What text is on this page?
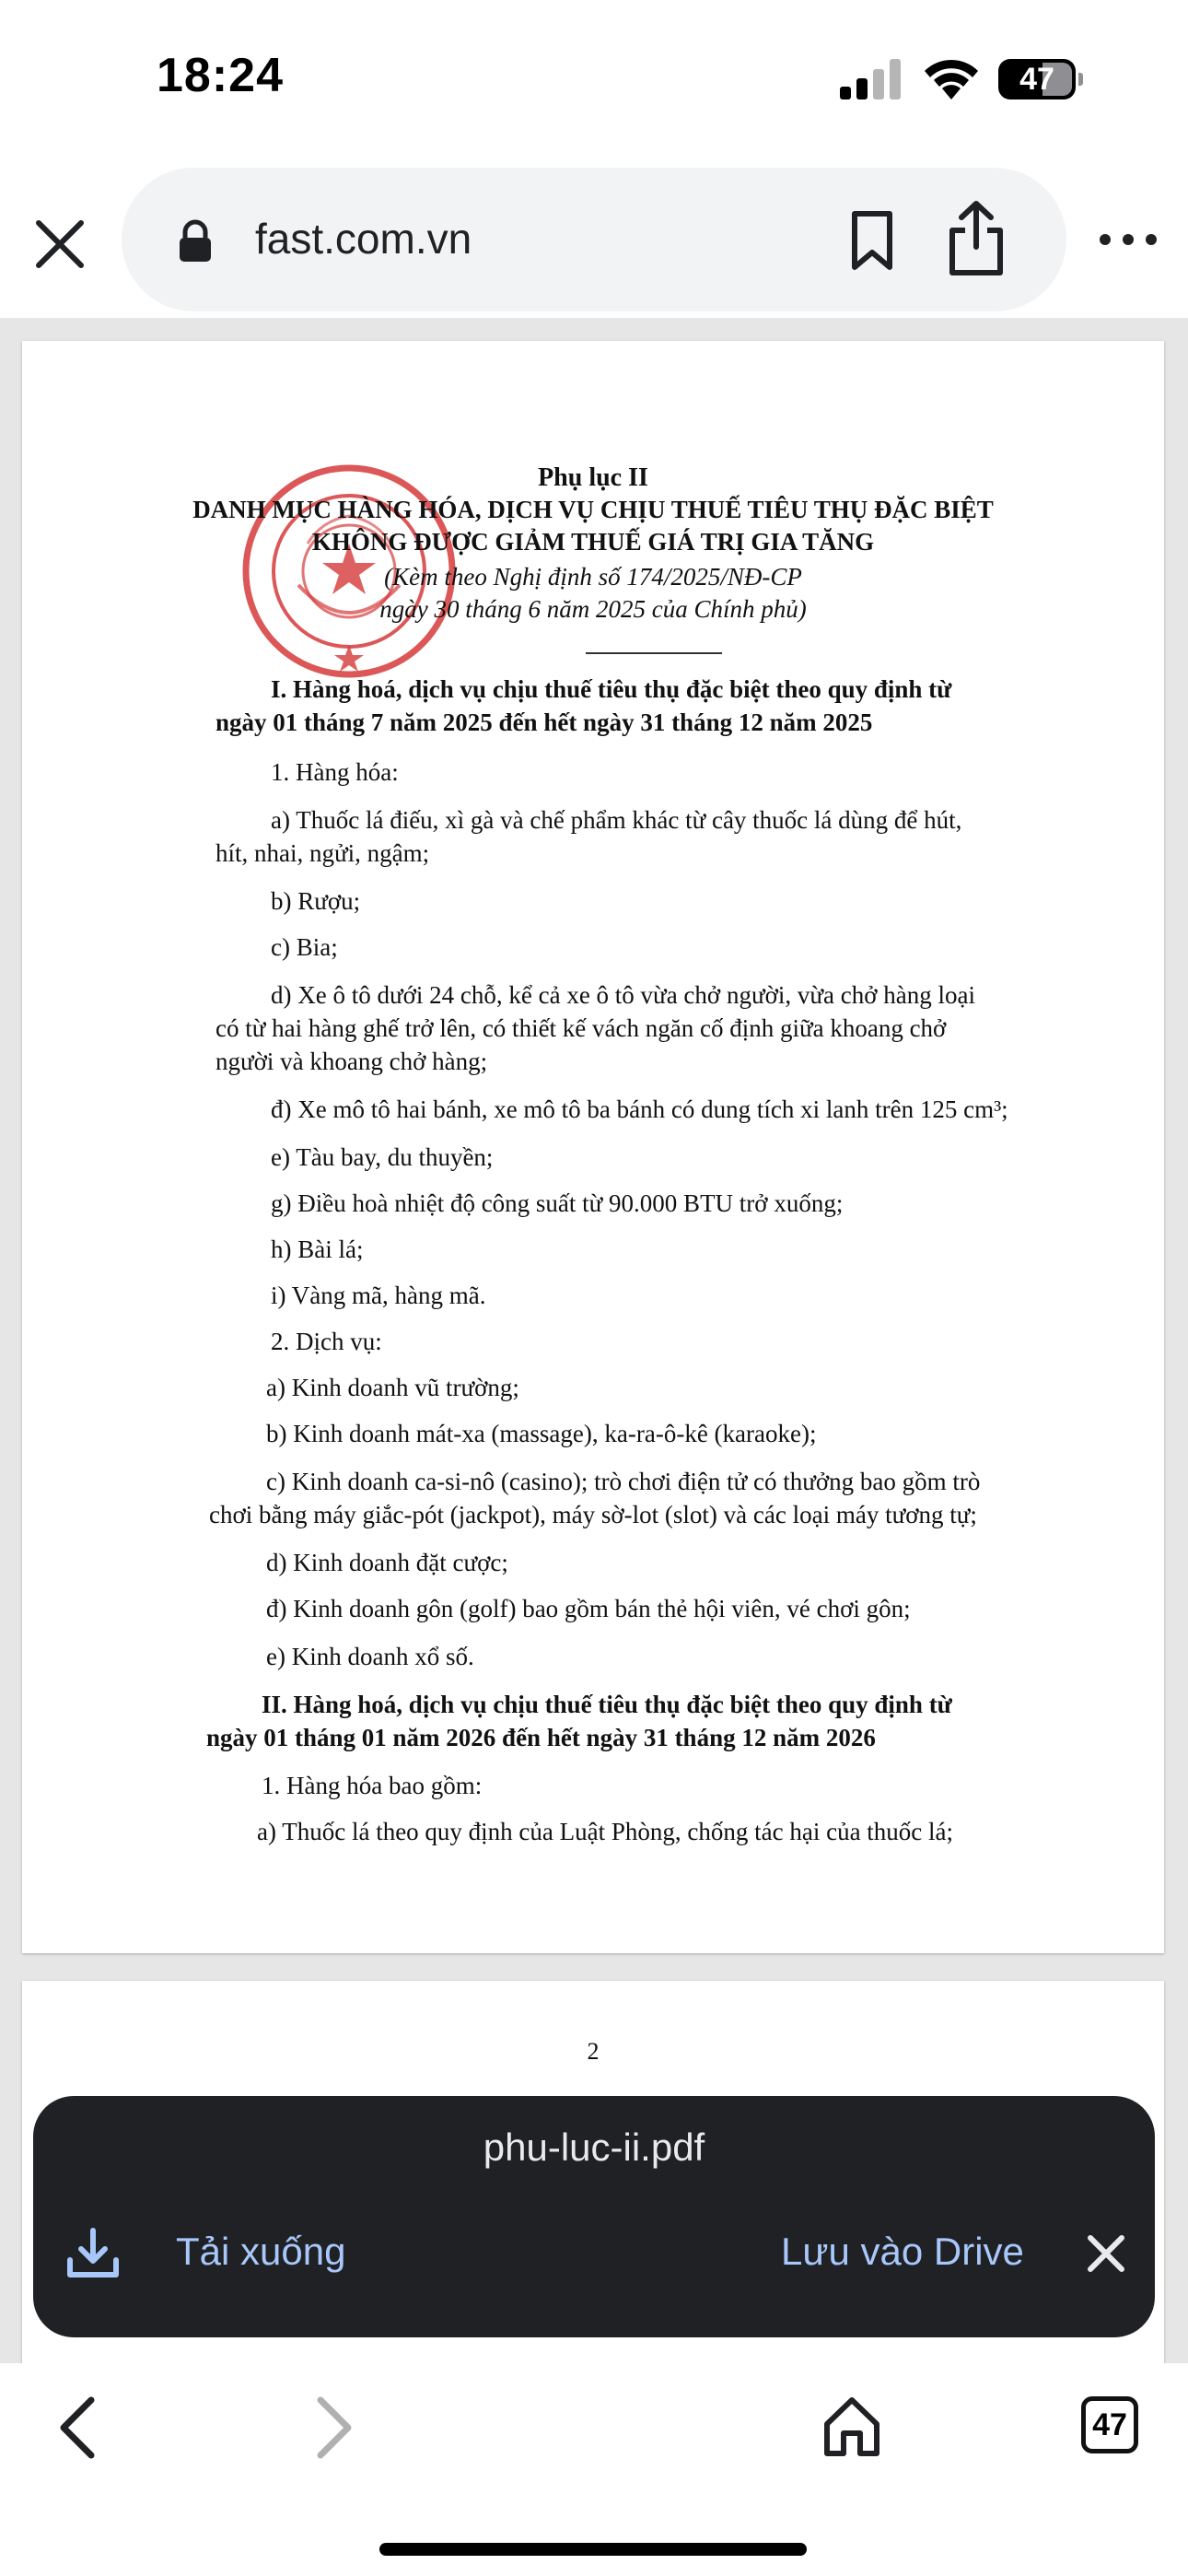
18:24	47
fast.com.vn
Phụ lục II
DANH MỤC HÀNG HÓA, DỊCH VỤ CHỊU THUẾ TIÊU THỤ ĐẶC BIỆT
KHÔNG ĐƯỢC GIẢM THUẾ GIÁ TRỊ GIA TĂNG
(Kèm theo Nghị định số 174/2025/NĐ-CP
ngày 30 tháng 6 năm 2025 của Chính phủ)
I. Hàng hoá, dịch vụ chịu thuế tiêu thụ đặc biệt theo quy định từ
ngày 01 tháng 7 năm 2025 đến hết ngày 31 tháng 12 năm 2025
1. Hàng hóa:
a) Thuốc lá điếu, xì gà và chế phẩm khác từ cây thuốc lá dùng để hút,
hít, nhai, ngửi, ngậm;
b) Rượu;
c) Bia;
d) Xe ô tô dưới 24 chỗ, kể cả xe ô tô vừa chở người, vừa chở hàng loại
có từ hai hàng ghế trở lên, có thiết kế vách ngăn cố định giữa khoang chở
người và khoang chở hàng;
đ) Xe mô tô hai bánh, xe mô tô ba bánh có dung tích xi lanh trên 125 cm³;
e) Tàu bay, du thuyền;
g) Điều hoà nhiệt độ công suất từ 90.000 BTU trở xuống;
h) Bài lá;
i) Vàng mã, hàng mã.
2. Dịch vụ:
a) Kinh doanh vũ trường;
b) Kinh doanh mát-xa (massage), ka-ra-ô-kê (karaoke);
c) Kinh doanh ca-si-nô (casino); trò chơi điện tử có thưởng bao gồm trò
chơi bằng máy giắc-pót (jackpot), máy sờ-lot (slot) và các loại máy tương tự;
d) Kinh doanh đặt cược;
đ) Kinh doanh gôn (golf) bao gồm bán thẻ hội viên, vé chơi gôn;
e) Kinh doanh xổ số.
II. Hàng hoá, dịch vụ chịu thuế tiêu thụ đặc biệt theo quy định từ
ngày 01 tháng 01 năm 2026 đến hết ngày 31 tháng 12 năm 2026
1. Hàng hóa bao gồm:
a) Thuốc lá theo quy định của Luật Phòng, chống tác hại của thuốc lá;
2
phu-luc-ii.pdf
Tải xuống	Lưu vào Drive
47
